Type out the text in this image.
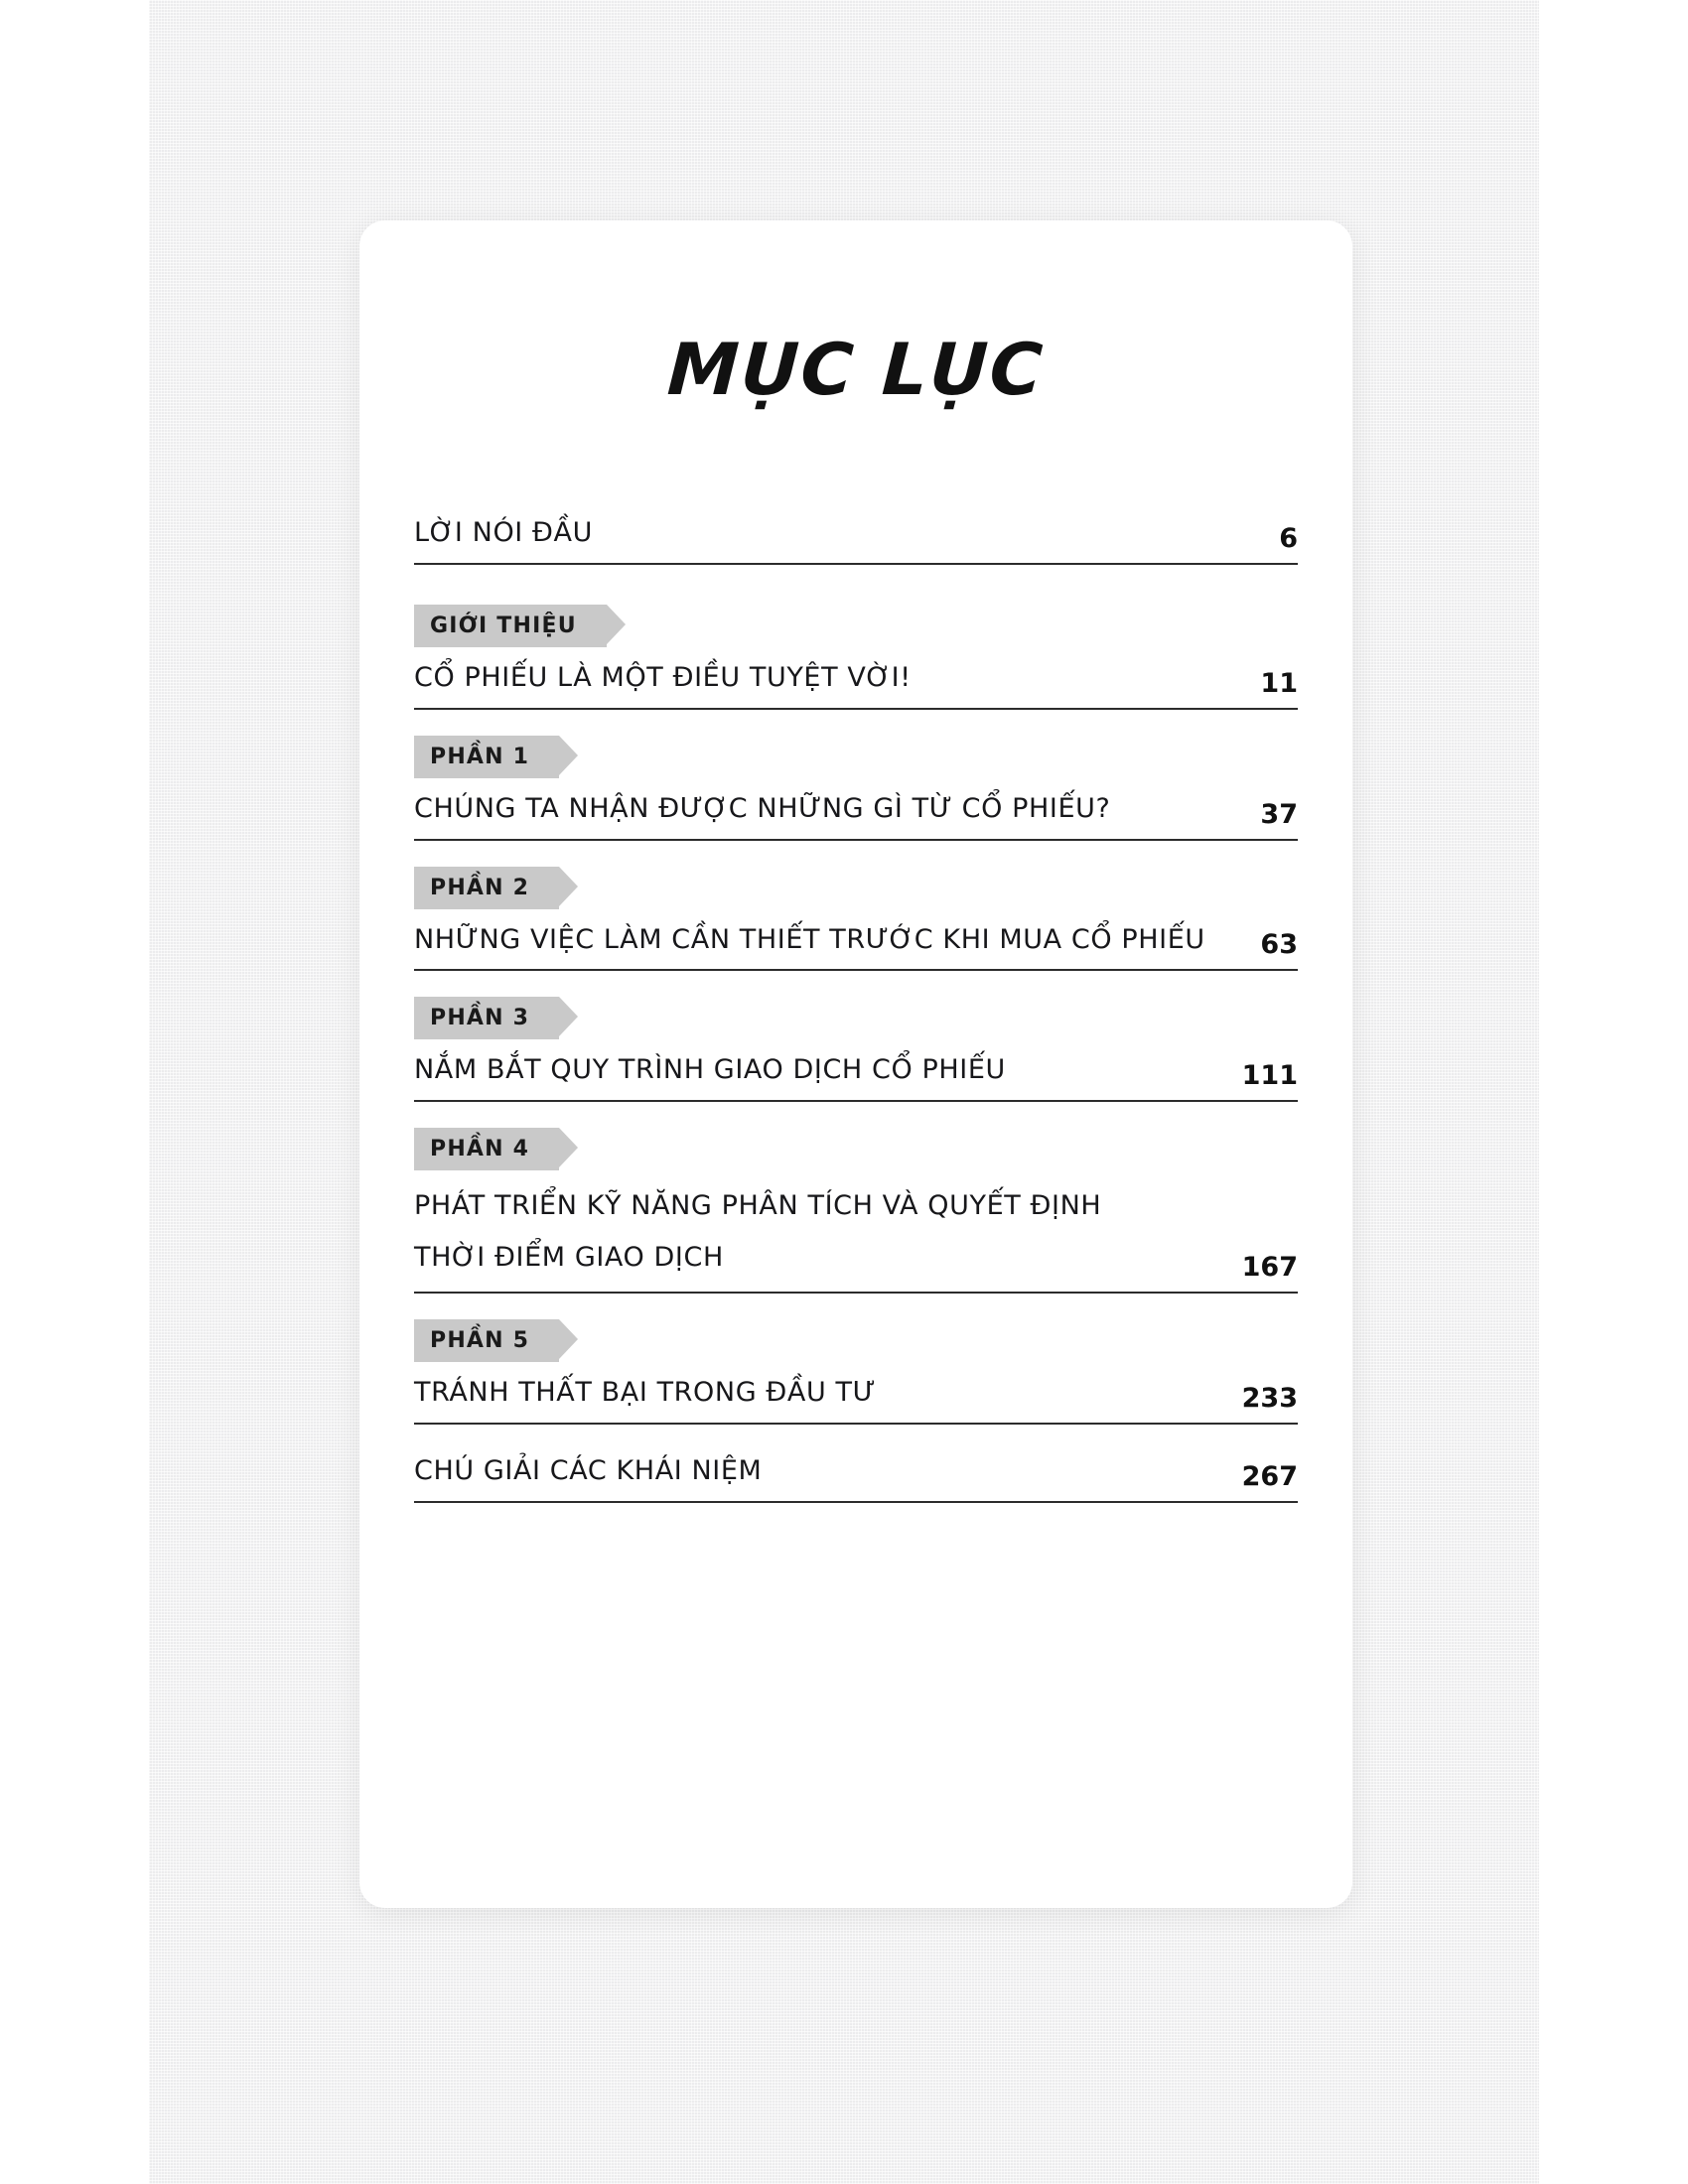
MỤC LỤC
LỜI NÓI ĐẦU	6
GIỚI THIỆU
CỔ PHIẾU LÀ MỘT ĐIỀU TUYỆT VỜI!	11
PHẦN 1
CHÚNG TA NHẬN ĐƯỢC NHỮNG GÌ TỪ CỔ PHIẾU?	37
PHẦN 2
NHỮNG VIỆC LÀM CẦN THIẾT TRƯỚC KHI MUA CỔ PHIẾU	63
PHẦN 3
NẮM BẮT QUY TRÌNH GIAO DỊCH CỔ PHIẾU	111
PHẦN 4
PHÁT TRIỂN KỸ NĂNG PHÂN TÍCH VÀ QUYẾT ĐỊNH
THỜI ĐIỂM GIAO DỊCH	167
PHẦN 5
TRÁNH THẤT BẠI TRONG ĐẦU TƯ	233
CHÚ GIẢI CÁC KHÁI NIỆM	267
